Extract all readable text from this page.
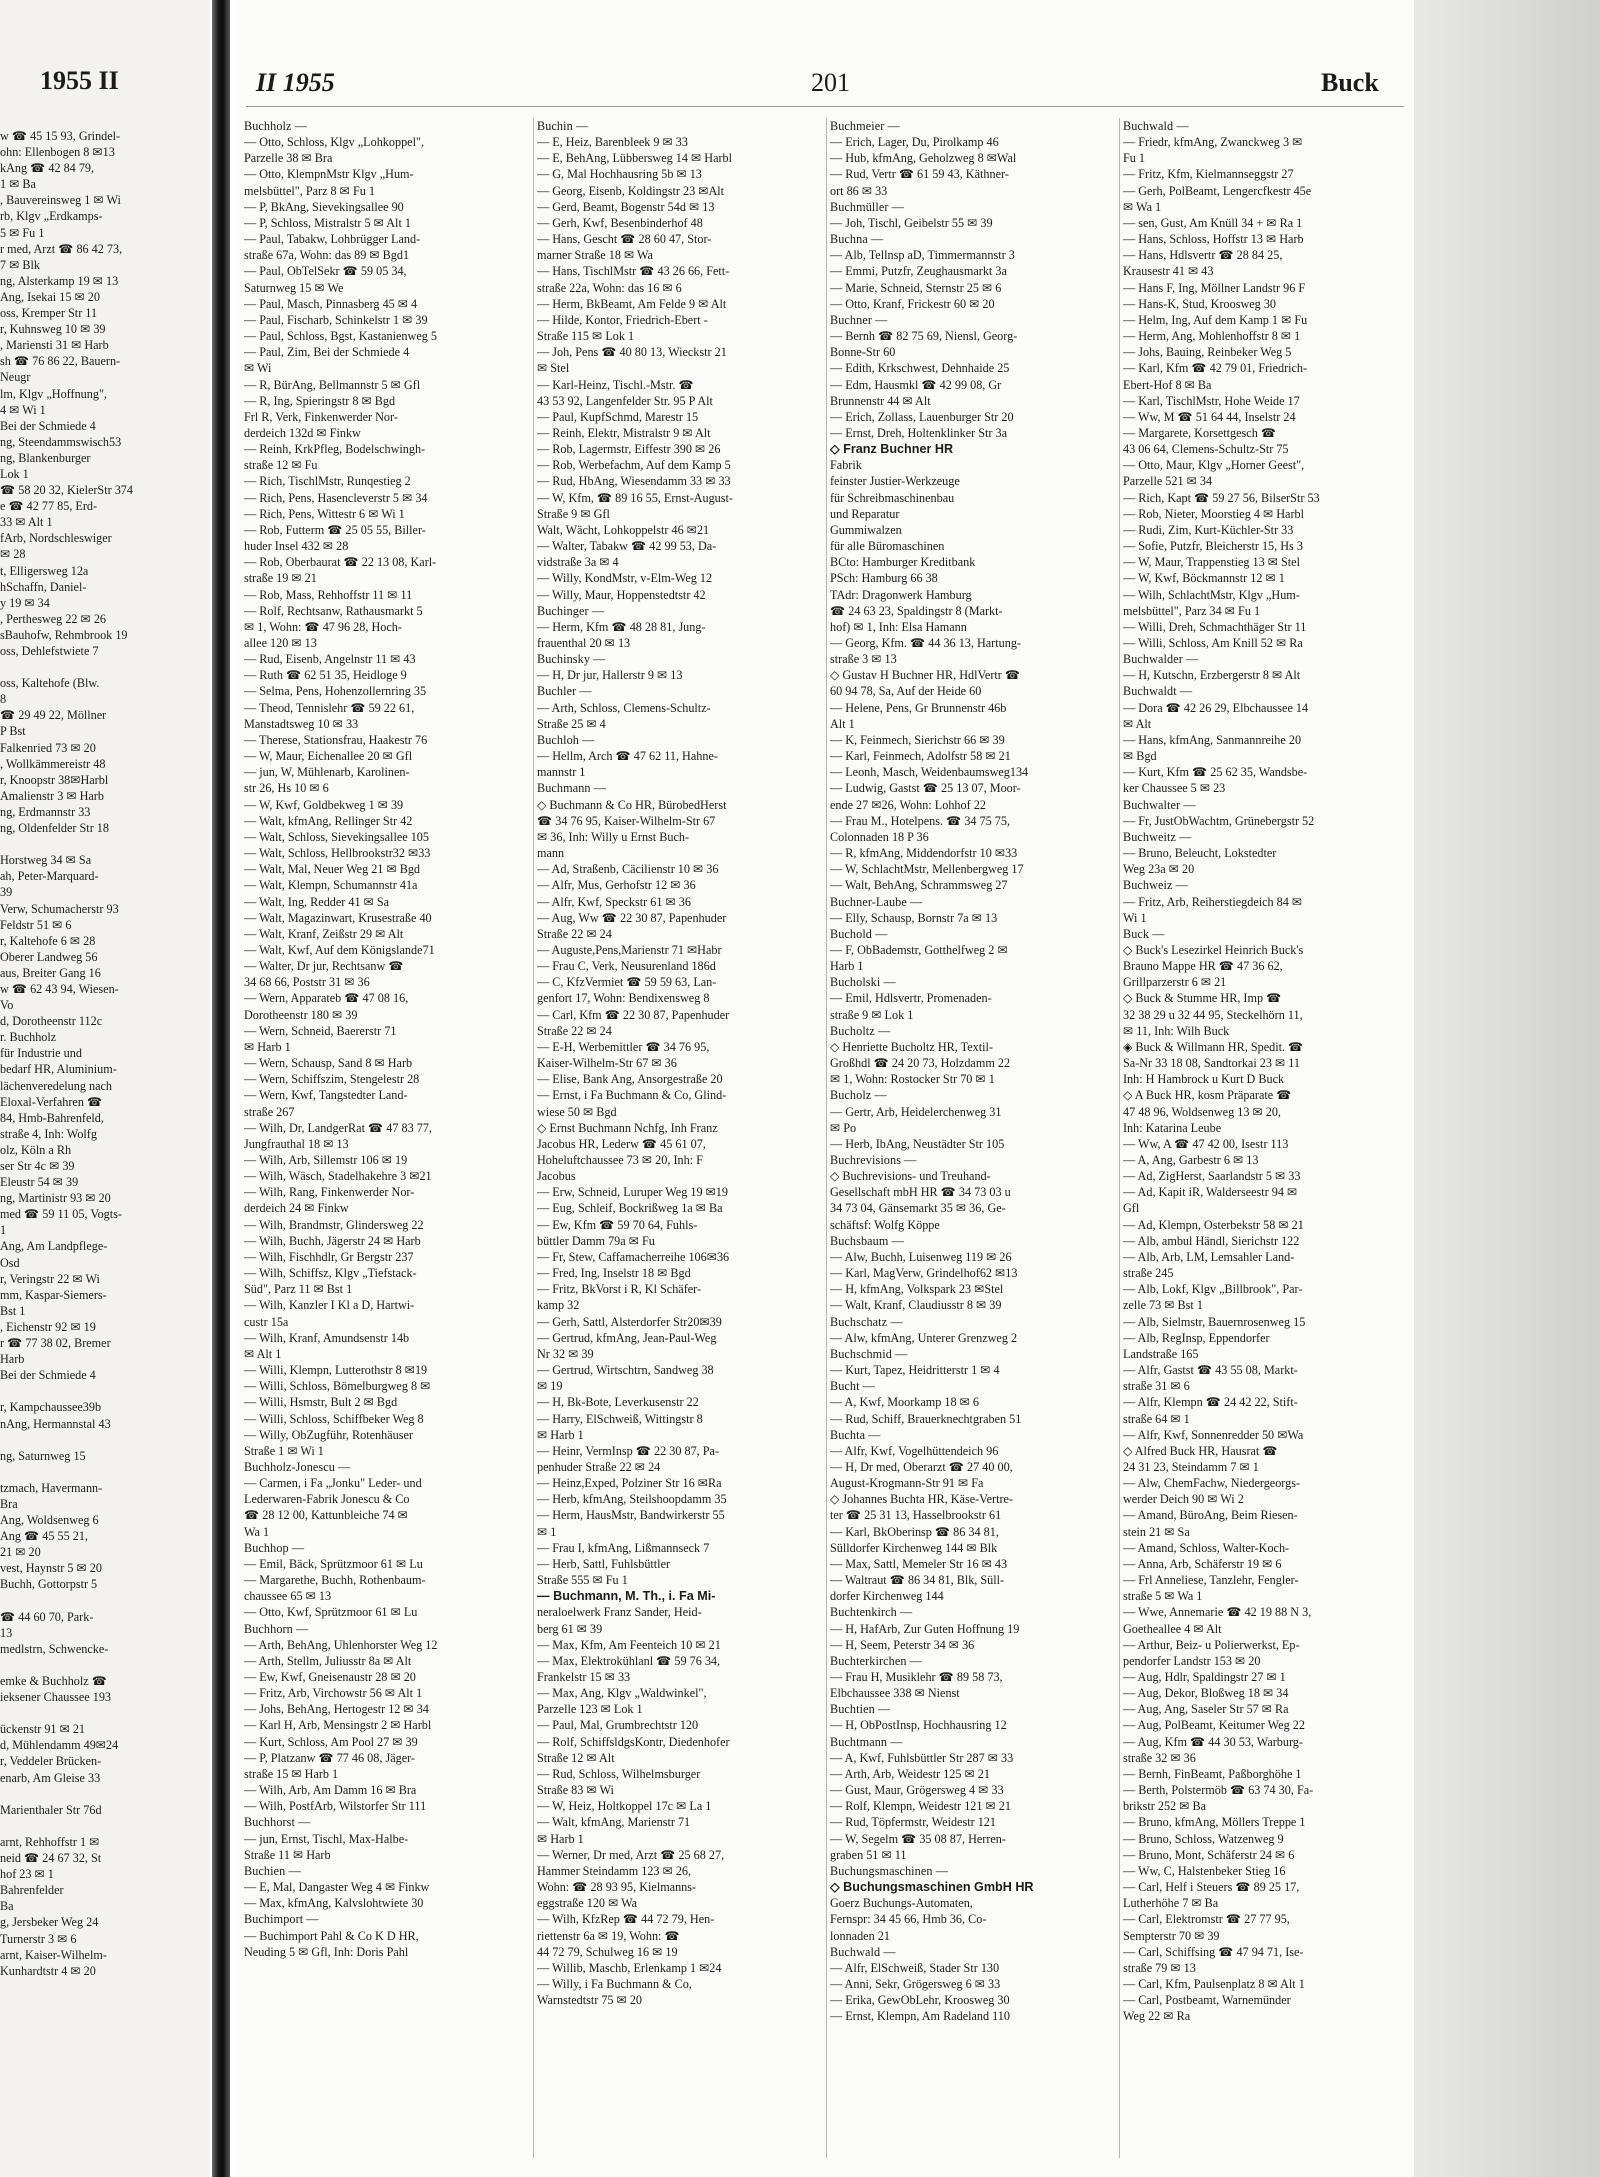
1955 II
w ☎ 45 15 93, Grindel-
ohn: Ellenbogen 8 ✉13
kAng ☎ 42 84 79,
1 ✉ Ba
, Bauvereinsweg 1 ✉ Wi
rb, Klgv „Erdkamps-
5 ✉ Fu 1
r med, Arzt ☎ 86 42 73,
7 ✉ Blk
ng, Alsterkamp 19 ✉ 13
Ang, Isekai 15 ✉ 20
oss, Kremper Str 11
r, Kuhnsweg 10 ✉ 39
, Mariensti 31 ✉ Harb
sh ☎ 76 86 22, Bauern-
Neugr
lm, Klgv „Hoffnung",
4 ✉ Wi 1
Bei der Schmiede 4
ng, Steendammswisch53
ng, Blankenburger
Lok 1
☎ 58 20 32, KielerStr 374
e ☎ 42 77 85, Erd-
33 ✉ Alt 1
fArb, Nordschleswiger
✉ 28
t, Elligersweg 12a
hSchaffn, Daniel-
y 19 ✉ 34
, Perthesweg 22 ✉ 26
sBauhofw, Rehmbrook 19
oss, Dehlefstwiete 7

oss, Kaltehofe (Blw.
8
☎ 29 49 22, Möllner
P Bst
Falkenried 73 ✉ 20
, Wollkämmereistr 48
r, Knoopstr 38✉Harbl
Amalienstr 3 ✉ Harb
ng, Erdmannstr 33
ng, Oldenfelder Str 18

Horstweg 34 ✉ Sa
ah, Peter-Marquard-
39
Verw, Schumacherstr 93
Feldstr 51 ✉ 6
r, Kaltehofe 6 ✉ 28
Oberer Landweg 56
aus, Breiter Gang 16
w ☎ 62 43 94, Wiesen-
Vo
d, Dorotheenstr 112c
r. Buchholz
für Industrie und
bedarf HR, Aluminium-
lächenveredelung nach
Eloxal-Verfahren ☎
84, Hmb-Bahrenfeld,
straße 4, Inh: Wolfg
olz, Köln a Rh
ser Str 4c ✉ 39
Eleustr 54 ✉ 39
ng, Martinistr 93 ✉ 20
med ☎ 59 11 05, Vogts-
1
Ang, Am Landpflege-
Osd
r, Veringstr 22 ✉ Wi
mm, Kaspar-Siemers-
Bst 1
, Eichenstr 92 ✉ 19
r ☎ 77 38 02, Bremer
Harb
Bei der Schmiede 4

r, Kampchaussee39b
nAng, Hermannstal 43

ng, Saturnweg 15

tzmach, Havermann-
Bra
Ang, Woldsenweg 6
Ang ☎ 45 55 21,
21 ✉ 20
vest, Haynstr 5 ✉ 20
Buchh, Gottorpstr 5

☎ 44 60 70, Park-
13
medlstrn, Schwencke-

emke & Buchholz ☎
ieksener Chaussee 193

ückenstr 91 ✉ 21
d, Mühlendamm 49✉24
r, Veddeler Brücken-
enarb, Am Gleise 33

Marienthaler Str 76d

arnt, Rehhoffstr 1 ✉
neid ☎ 24 67 32, St
hof 23 ✉ 1
Bahrenfelder
Ba
g, Jersbeker Weg 24
Turnerstr 3 ✉ 6
arnt, Kaiser-Wilhelm-
Kunhardtstr 4 ✉ 20
II 1955	201	Buck
Buchholz —
— Otto, Schloss, Klgv „Lohkoppel",
Parzelle 38 ✉ Bra
— Otto, KlempnMstr Klgv „Hum-
melsbüttel", Parz 8 ✉ Fu 1
— P, BkAng, Sievekingsallee 90
— P, Schloss, Mistralstr 5 ✉ Alt 1
— Paul, Tabakw, Lohbrügger Land-
straße 67a, Wohn: das 89 ✉ Bgd1
— Paul, ObTelSekr ☎ 59 05 34,
Saturnweg 15 ✉ We
— Paul, Masch, Pinnasberg 45 ✉ 4
— Paul, Fischarb, Schinkelstr 1 ✉ 39
— Paul, Schloss, Bgst, Kastanienweg 5
— Paul, Zim, Bei der Schmiede 4
✉ Wi
— R, BürAng, Bellmannstr 5 ✉ Gfl
— R, Ing, Spieringstr 8 ✉ Bgd
Frl R, Verk, Finkenwerder Nor-
derdeich 132d ✉ Finkw
— Reinh, KrkPfleg, Bodelschwingh-
straße 12 ✉ Fu
— Rich, TischlMstr, Runqestieg 2
— Rich, Pens, Hasencleverstr 5 ✉ 34
— Rich, Pens, Wittestr 6 ✉ Wi 1
— Rob, Futterm ☎ 25 05 55, Biller-
huder Insel 432 ✉ 28
— Rob, Oberbaurat ☎ 22 13 08, Karl-
straße 19 ✉ 21
— Rob, Mass, Rehhoffstr 11 ✉ 11
— Rolf, Rechtsanw, Rathausmarkt 5
✉ 1, Wohn: ☎ 47 96 28, Hoch-
allee 120 ✉ 13
— Rud, Eisenb, Angelnstr 11 ✉ 43
— Ruth ☎ 62 51 35, Heidloge 9
— Selma, Pens, Hohenzollernring 35
— Theod, Tennislehr ☎ 59 22 61,
Manstadtsweg 10 ✉ 33
— Therese, Stationsfrau, Haakestr 76
— W, Maur, Eichenallee 20 ✉ Gfl
— jun, W, Mühlenarb, Karolinen-
str 26, Hs 10 ✉ 6
— W, Kwf, Goldbekweg 1 ✉ 39
— Walt, kfmAng, Rellinger Str 42
— Walt, Schloss, Sievekingsallee 105
— Walt, Schloss, Hellbrookstr32 ✉33
— Walt, Mal, Neuer Weg 21 ✉ Bgd
— Walt, Klempn, Schumannstr 41a
— Walt, Ing, Redder 41 ✉ Sa
— Walt, Magazinwart, Krusestraße 40
— Walt, Kranf, Zeißstr 29 ✉ Alt
— Walt, Kwf, Auf dem Königslande71
— Walter, Dr jur, Rechtsanw ☎
34 68 66, Poststr 31 ✉ 36
— Wern, Apparateb ☎ 47 08 16,
Dorotheenstr 180 ✉ 39
— Wern, Schneid, Baererstr 71
✉ Harb 1
— Wern, Schausp, Sand 8 ✉ Harb
— Wern, Schiffszim, Stengelestr 28
— Wern, Kwf, Tangstedter Land-
straße 267
— Wilh, Dr, LandgerRat ☎ 47 83 77,
Jungfrauthal 18 ✉ 13
— Wilh, Arb, Sillemstr 106 ✉ 19
— Wilh, Wäsch, Stadelhakehre 3 ✉21
— Wilh, Rang, Finkenwerder Nor-
derdeich 24 ✉ Finkw
— Wilh, Brandmstr, Glindersweg 22
— Wilh, Buchh, Jägerstr 24 ✉ Harb
— Wilh, Fischhdlr, Gr Bergstr 237
— Wilh, Schiffsz, Klgv „Tiefstack-
Süd", Parz 11 ✉ Bst 1
— Wilh, Kanzler I Kl a D, Hartwi-
custr 15a
— Wilh, Kranf, Amundsenstr 14b
✉ Alt 1
— Willi, Klempn, Lutterothstr 8 ✉19
— Willi, Schloss, Bömelburgweg 8 ✉
— Willi, Hsmstr, Bult 2 ✉ Bgd
— Willi, Schloss, Schiffbeker Weg 8
— Willy, ObZugführ, Rotenhäuser
Straße 1 ✉ Wi 1
Buchholz-Jonescu —
— Carmen, i Fa „Jonku" Leder- und
Lederwaren-Fabrik Jonescu & Co
☎ 28 12 00, Kattunbleiche 74 ✉
Wa 1
Buchhop —
— Emil, Bäck, Sprützmoor 61 ✉ Lu
— Margarethe, Buchh, Rothenbaum-
chaussee 65 ✉ 13
— Otto, Kwf, Sprützmoor 61 ✉ Lu
Buchhorn —
— Arth, BehAng, Uhlenhorster Weg 12
— Arth, Stellm, Juliusstr 8a ✉ Alt
— Ew, Kwf, Gneisenaustr 28 ✉ 20
— Fritz, Arb, Virchowstr 56 ✉ Alt 1
— Johs, BehAng, Hertogestr 12 ✉ 34
— Karl H, Arb, Mensingstr 2 ✉ Harbl
— Kurt, Schloss, Am Pool 27 ✉ 39
— P, Platzanw ☎ 77 46 08, Jäger-
straße 15 ✉ Harb 1
— Wilh, Arb, Am Damm 16 ✉ Bra
— Wilh, PostfArb, Wilstorfer Str 111
Buchhorst —
— jun, Ernst, Tischl, Max-Halbe-
Straße 11 ✉ Harb
Buchien —
— E, Mal, Dangaster Weg 4 ✉ Finkw
— Max, kfmAng, Kalvslohtwiete 30
Buchimport —
— Buchimport Pahl & Co K D HR,
Neuding 5 ✉ Gfl, Inh: Doris Pahl
Buchin —
— E, Heiz, Barenbleek 9 ✉ 33
— E, BehAng, Lübbersweg 14 ✉ Harbl
— G, Mal Hochhausring 5b ✉ 13
— Georg, Eisenb, Koldingstr 23 ✉Alt
— Gerd, Beamt, Bogenstr 54d ✉ 13
— Gerh, Kwf, Besenbinderhof 48
— Hans, Gescht ☎ 28 60 47, Stor-
marner Straße 18 ✉ Wa
— Hans, TischlMstr ☎ 43 26 66, Fett-
straße 22a, Wohn: das 16 ✉ 6
— Herm, BkBeamt, Am Felde 9 ✉ Alt
— Hilde, Kontor, Friedrich-Ebert -
Straße 115 ✉ Lok 1
— Joh, Pens ☎ 40 80 13, Wieckstr 21
✉ Stel
— Karl-Heinz, Tischl.-Mstr. ☎
43 53 92, Langenfelder Str. 95 P Alt
— Paul, KupfSchmd, Marestr 15
— Reinh, Elektr, Mistralstr 9 ✉ Alt
— Rob, Lagermstr, Eiffestr 390 ✉ 26
— Rob, Werbefachm, Auf dem Kamp 5
— Rud, HbAng, Wiesendamm 33 ✉ 33
— W, Kfm, ☎ 89 16 55, Ernst-August-
Straße 9 ✉ Gfl
Walt, Wächt, Lohkoppelstr 46 ✉21
— Walter, Tabakw ☎ 42 99 53, Da-
vidstraße 3a ✉ 4
— Willy, KondMstr, v-Elm-Weg 12
— Willy, Maur, Hoppenstedtstr 42
Buchinger —
— Herm, Kfm ☎ 48 28 81, Jung-
frauenthal 20 ✉ 13
Buchinsky —
— H, Dr jur, Hallerstr 9 ✉ 13
Buchler —
— Arth, Schloss, Clemens-Schultz-
Straße 25 ✉ 4
Buchloh —
— Hellm, Arch ☎ 47 62 11, Hahne-
mannstr 1
Buchmann —
◇ Buchmann & Co HR, BürobedHerst
☎ 34 76 95, Kaiser-Wilhelm-Str 67
✉ 36, Inh: Willy u Ernst Buch-
mann
— Ad, Straßenb, Cäcilienstr 10 ✉ 36
— Alfr, Mus, Gerhofstr 12 ✉ 36
— Alfr, Kwf, Speckstr 61 ✉ 36
— Aug, Ww ☎ 22 30 87, Papenhuder
Straße 22 ✉ 24
— Auguste,Pens,Marienstr 71 ✉Habr
— Frau C, Verk, Neusurenland 186d
— C, KfzVermiet ☎ 59 59 63, Lan-
genfort 17, Wohn: Bendixensweg 8
— Carl, Kfm ☎ 22 30 87, Papenhuder
Straße 22 ✉ 24
— E-H, Werbemittler ☎ 34 76 95,
Kaiser-Wilhelm-Str 67 ✉ 36
— Elise, Bank Ang, Ansorgestraße 20
— Ernst, i Fa Buchmann & Co, Glind-
wiese 50 ✉ Bgd
◇ Ernst Buchmann Nchfg, Inh Franz
Jacobus HR, Lederw ☎ 45 61 07,
Hoheluftchaussee 73 ✉ 20, Inh: F
Jacobus
— Erw, Schneid, Luruper Weg 19 ✉19
— Eug, Schleif, Bockrißweg 1a ✉ Ba
— Ew, Kfm ☎ 59 70 64, Fuhls-
büttler Damm 79a ✉ Fu
— Fr, Stew, Caffamacherreihe 106✉36
— Fred, Ing, Inselstr 18 ✉ Bgd
— Fritz, BkVorst i R, Kl Schäfer-
kamp 32
— Gerh, Sattl, Alsterdorfer Str20✉39
— Gertrud, kfmAng, Jean-Paul-Weg
Nr 32 ✉ 39
— Gertrud, Wirtschtrn, Sandweg 38
✉ 19
— H, Bk-Bote, Leverkusenstr 22
— Harry, ElSchweiß, Wittingstr 8
✉ Harb 1
— Heinr, VermInsp ☎ 22 30 87, Pa-
penhuder Straße 22 ✉ 24
— Heinz,Exped, Polziner Str 16 ✉Ra
— Herb, kfmAng, Steilshoopdamm 35
— Herm, HausMstr, Bandwirkerstr 55
✉ 1
— Frau I, kfmAng, Lißmannseck 7
— Herb, Sattl, Fuhlsbüttler
Straße 555 ✉ Fu 1
— Buchmann, M. Th., i. Fa Mi-
neraloelwerk Franz Sander, Heid-
berg 61 ✉ 39
— Max, Kfm, Am Feenteich 10 ✉ 21
— Max, Elektrokühlanl ☎ 59 76 34,
Frankelstr 15 ✉ 33
— Max, Ang, Klgv „Waldwinkel",
Parzelle 123 ✉ Lok 1
— Paul, Mal, Grumbrechtstr 120
— Rolf, SchiffsldgsKontr, Diedenhofer
Straße 12 ✉ Alt
— Rud, Schloss, Wilhelmsburger
Straße 83 ✉ Wi
— W, Heiz, Holtkoppel 17c ✉ La 1
— Walt, kfmAng, Marienstr 71
✉ Harb 1
— Werner, Dr med, Arzt ☎ 25 68 27,
Hammer Steindamm 123 ✉ 26,
Wohn: ☎ 28 93 95, Kielmanns-
eggstraße 120 ✉ Wa
— Wilh, KfzRep ☎ 44 72 79, Hen-
riettenstr 6a ✉ 19, Wohn: ☎
44 72 79, Schulweg 16 ✉ 19
— Willib, Maschb, Erlenkamp 1 ✉24
— Willy, i Fa Buchmann & Co,
Warnstedtstr 75 ✉ 20
Buchmeier —
— Erich, Lager, Du, Pirolkamp 46
— Hub, kfmAng, Geholzweg 8 ✉Wal
— Rud, Vertr ☎ 61 59 43, Käthner-
ort 86 ✉ 33
Buchmüller —
— Joh, Tischl, Geibelstr 55 ✉ 39
Buchna —
— Alb, Tellnsp aD, Timmermannstr 3
— Emmi, Putzfr, Zeughausmarkt 3a
— Marie, Schneid, Sternstr 25 ✉ 6
— Otto, Kranf, Frickestr 60 ✉ 20
Buchner —
— Bernh ☎ 82 75 69, Niensl, Georg-
Bonne-Str 60
— Edith, Krkschwest, Dehnhaide 25
— Edm, Hausmkl ☎ 42 99 08, Gr
Brunnenstr 44 ✉ Alt
— Erich, Zollass, Lauenburger Str 20
— Ernst, Dreh, Holtenklinker Str 3a
◇ Franz Buchner HR
Fabrik
feinster Justier-Werkzeuge
für Schreibmaschinenbau
und Reparatur
Gummiwalzen
für alle Büromaschinen
BCto: Hamburger Kreditbank
PSch: Hamburg 66 38
TAdr: Dragonwerk Hamburg
☎ 24 63 23, Spaldingstr 8 (Markt-
hof) ✉ 1, Inh: Elsa Hamann
— Georg, Kfm. ☎ 44 36 13, Hartung-
straße 3 ✉ 13
◇ Gustav H Buchner HR, HdlVertr ☎
60 94 78, Sa, Auf der Heide 60
— Helene, Pens, Gr Brunnenstr 46b
Alt 1
— K, Feinmech, Sierichstr 66 ✉ 39
— Karl, Feinmech, Adolfstr 58 ✉ 21
— Leonh, Masch, Weidenbaumsweg134
— Ludwig, Gastst ☎ 25 13 07, Moor-
ende 27 ✉26, Wohn: Lohhof 22
— Frau M., Hotelpens. ☎ 34 75 75,
Colonnaden 18 P 36
— R, kfmAng, Middendorfstr 10 ✉33
— W, SchlachtMstr, Mellenbergweg 17
— Walt, BehAng, Schrammsweg 27
Buchner-Laube —
— Elly, Schausp, Bornstr 7a ✉ 13
Buchold —
— F, ObBademstr, Gotthelfweg 2 ✉
Harb 1
Bucholski —
— Emil, Hdlsvertr, Promenaden-
straße 9 ✉ Lok 1
Bucholtz —
◇ Henriette Bucholtz HR, Textil-
Großhdl ☎ 24 20 73, Holzdamm 22
✉ 1, Wohn: Rostocker Str 70 ✉ 1
Bucholz —
— Gertr, Arb, Heidelerchenweg 31
✉ Po
— Herb, IbAng, Neustädter Str 105
Buchrevisions —
◇ Buchrevisions- und Treuhand-
Gesellschaft mbH HR ☎ 34 73 03 u
34 73 04, Gänsemarkt 35 ✉ 36, Ge-
schäftsf: Wolfg Köppe
Buchsbaum —
— Alw, Buchh, Luisenweg 119 ✉ 26
— Karl, MagVerw, Grindelhof62 ✉13
— H, kfmAng, Volkspark 23 ✉Stel
— Walt, Kranf, Claudiusstr 8 ✉ 39
Buchschatz —
— Alw, kfmAng, Unterer Grenzweg 2
Buchschmid —
— Kurt, Tapez, Heidritterstr 1 ✉ 4
Bucht —
— A, Kwf, Moorkamp 18 ✉ 6
— Rud, Schiff, Brauerknechtgraben 51
Buchta —
— Alfr, Kwf, Vogelhüttendeich 96
— H, Dr med, Oberarzt ☎ 27 40 00,
August-Krogmann-Str 91 ✉ Fa
◇ Johannes Buchta HR, Käse-Vertre-
ter ☎ 25 31 13, Hasselbrookstr 61
— Karl, BkOberinsp ☎ 86 34 81,
Sülldorfer Kirchenweg 144 ✉ Blk
— Max, Sattl, Memeler Str 16 ✉ 43
— Waltraut ☎ 86 34 81, Blk, Süll-
dorfer Kirchenweg 144
Buchtenkirch —
— H, HafArb, Zur Guten Hoffnung 19
— H, Seem, Peterstr 34 ✉ 36
Buchterkirchen —
— Frau H, Musiklehr ☎ 89 58 73,
Elbchaussee 338 ✉ Nienst
Buchtien —
— H, ObPostInsp, Hochhausring 12
Buchtmann —
— A, Kwf, Fuhlsbüttler Str 287 ✉ 33
— Arth, Arb, Weidestr 125 ✉ 21
— Gust, Maur, Grögersweg 4 ✉ 33
— Rolf, Klempn, Weidestr 121 ✉ 21
— Rud, Töpfermstr, Weidestr 121
— W, Segelm ☎ 35 08 87, Herren-
graben 51 ✉ 11
Buchungsmaschinen —
◇ Buchungsmaschinen GmbH HR
Goerz Buchungs-Automaten,
Fernspr: 34 45 66, Hmb 36, Co-
lonnaden 21
Buchwald —
— Alfr, ElSchweiß, Stader Str 130
— Anni, Sekr, Grögersweg 6 ✉ 33
— Erika, GewObLehr, Kroosweg 30
— Ernst, Klempn, Am Radeland 110
Buchwald —
— Friedr, kfmAng, Zwanckweg 3 ✉
Fu 1
— Fritz, Kfm, Kielmannseggstr 27
— Gerh, PolBeamt, Lengercfkestr 45e
✉ Wa 1
— sen, Gust, Am Knüll 34 + ✉ Ra 1
— Hans, Schloss, Hoffstr 13 ✉ Harb
— Hans, Hdlsvertr ☎ 28 84 25,
Krausestr 41 ✉ 43
— Hans F, Ing, Möllner Landstr 96 F
— Hans-K, Stud, Kroosweg 30
— Helm, Ing, Auf dem Kamp 1 ✉ Fu
— Herm, Ang, Mohlenhoffstr 8 ✉ 1
— Johs, Bauing, Reinbeker Weg 5
— Karl, Kfm ☎ 42 79 01, Friedrich-
Ebert-Hof 8 ✉ Ba
— Karl, TischlMstr, Hohe Weide 17
— Ww, M ☎ 51 64 44, Inselstr 24
— Margarete, Korsettgesch ☎
43 06 64, Clemens-Schultz-Str 75
— Otto, Maur, Klgv „Horner Geest",
Parzelle 521 ✉ 34
— Rich, Kapt ☎ 59 27 56, BilserStr 53
— Rob, Nieter, Moorstieg 4 ✉ Harbl
— Rudi, Zim, Kurt-Küchler-Str 33
— Sofie, Putzfr, Bleicherstr 15, Hs 3
— W, Maur, Trappenstieg 13 ✉ Stel
— W, Kwf, Böckmannstr 12 ✉ 1
— Wilh, SchlachtMstr, Klgv „Hum-
melsbüttel", Parz 34 ✉ Fu 1
— Willi, Dreh, Schmachthäger Str 11
— Willi, Schloss, Am Knill 52 ✉ Ra
Buchwalder —
— H, Kutschn, Erzbergerstr 8 ✉ Alt
Buchwaldt —
— Dora ☎ 42 26 29, Elbchaussee 14
✉ Alt
— Hans, kfmAng, Sanmannreihe 20
✉ Bgd
— Kurt, Kfm ☎ 25 62 35, Wandsbe-
ker Chaussee 5 ✉ 23
Buchwalter —
— Fr, JustObWachtm, Grünebergstr 52
Buchweitz —
— Bruno, Beleucht, Lokstedter
Weg 23a ✉ 20
Buchweiz —
— Fritz, Arb, Reiherstiegdeich 84 ✉
Wi 1
Buck —
◇ Buck's Lesezirkel Heinrich Buck's
Brauno Mappe HR ☎ 47 36 62,
Grillparzerstr 6 ✉ 21
◇ Buck & Stumme HR, Imp ☎
32 38 29 u 32 44 95, Steckelhörn 11,
✉ 11, Inh: Wilh Buck
◈ Buck & Willmann HR, Spedit. ☎
Sa-Nr 33 18 08, Sandtorkai 23 ✉ 11
Inh: H Hambrock u Kurt D Buck
◇ A Buck HR, kosm Präparate ☎
47 48 96, Woldsenweg 13 ✉ 20,
Inh: Katarina Leube
— Ww, A ☎ 47 42 00, Isestr 113
— A, Ang, Garbestr 6 ✉ 13
— Ad, ZigHerst, Saarlandstr 5 ✉ 33
— Ad, Kapit iR, Walderseestr 94 ✉
Gfl
— Ad, Klempn, Osterbekstr 58 ✉ 21
— Alb, ambul Händl, Sierichstr 122
— Alb, Arb, LM, Lemsahler Land-
straße 245
— Alb, Lokf, Klgv „Billbrook", Par-
zelle 73 ✉ Bst 1
— Alb, Sielmstr, Bauernrosenweg 15
— Alb, RegInsp, Eppendorfer
Landstraße 165
— Alfr, Gastst ☎ 43 55 08, Markt-
straße 31 ✉ 6
— Alfr, Klempn ☎ 24 42 22, Stift-
straße 64 ✉ 1
— Alfr, Kwf, Sonnenredder 50 ✉Wa
◇ Alfred Buck HR, Hausrat ☎
24 31 23, Steindamm 7 ✉ 1
— Alw, ChemFachw, Niedergeorgs-
werder Deich 90 ✉ Wi 2
— Amand, BüroAng, Beim Riesen-
stein 21 ✉ Sa
— Amand, Schloss, Walter-Koch-
— Anna, Arb, Schäferstr 19 ✉ 6
— Frl Anneliese, Tanzlehr, Fengler-
straße 5 ✉ Wa 1
— Wwe, Annemarie ☎ 42 19 88 N 3,
Goetheallee 4 ✉ Alt
— Arthur, Beiz- u Polierwerkst, Ep-
pendorfer Landstr 153 ✉ 20
— Aug, Hdlr, Spaldingstr 27 ✉ 1
— Aug, Dekor, Bloßweg 18 ✉ 34
— Aug, Ang, Saseler Str 57 ✉ Ra
— Aug, PolBeamt, Keitumer Weg 22
— Aug, Kfm ☎ 44 30 53, Warburg-
straße 32 ✉ 36
— Bernh, FinBeamt, Paßborghöhe 1
— Berth, Polstermöb ☎ 63 74 30, Fa-
brikstr 252 ✉ Ba
— Bruno, kfmAng, Möllers Treppe 1
— Bruno, Schloss, Watzenweg 9
— Bruno, Mont, Schäferstr 24 ✉ 6
— Ww, C, Halstenbeker Stieg 16
— Carl, Helf i Steuers ☎ 89 25 17,
Lutherhöhe 7 ✉ Ba
— Carl, Elektromstr ☎ 27 77 95,
Sempterstr 70 ✉ 39
— Carl, Schiffsing ☎ 47 94 71, Ise-
straße 79 ✉ 13
— Carl, Kfm, Paulsenplatz 8 ✉ Alt 1
— Carl, Postbeamt, Warnemünder
Weg 22 ✉ Ra
